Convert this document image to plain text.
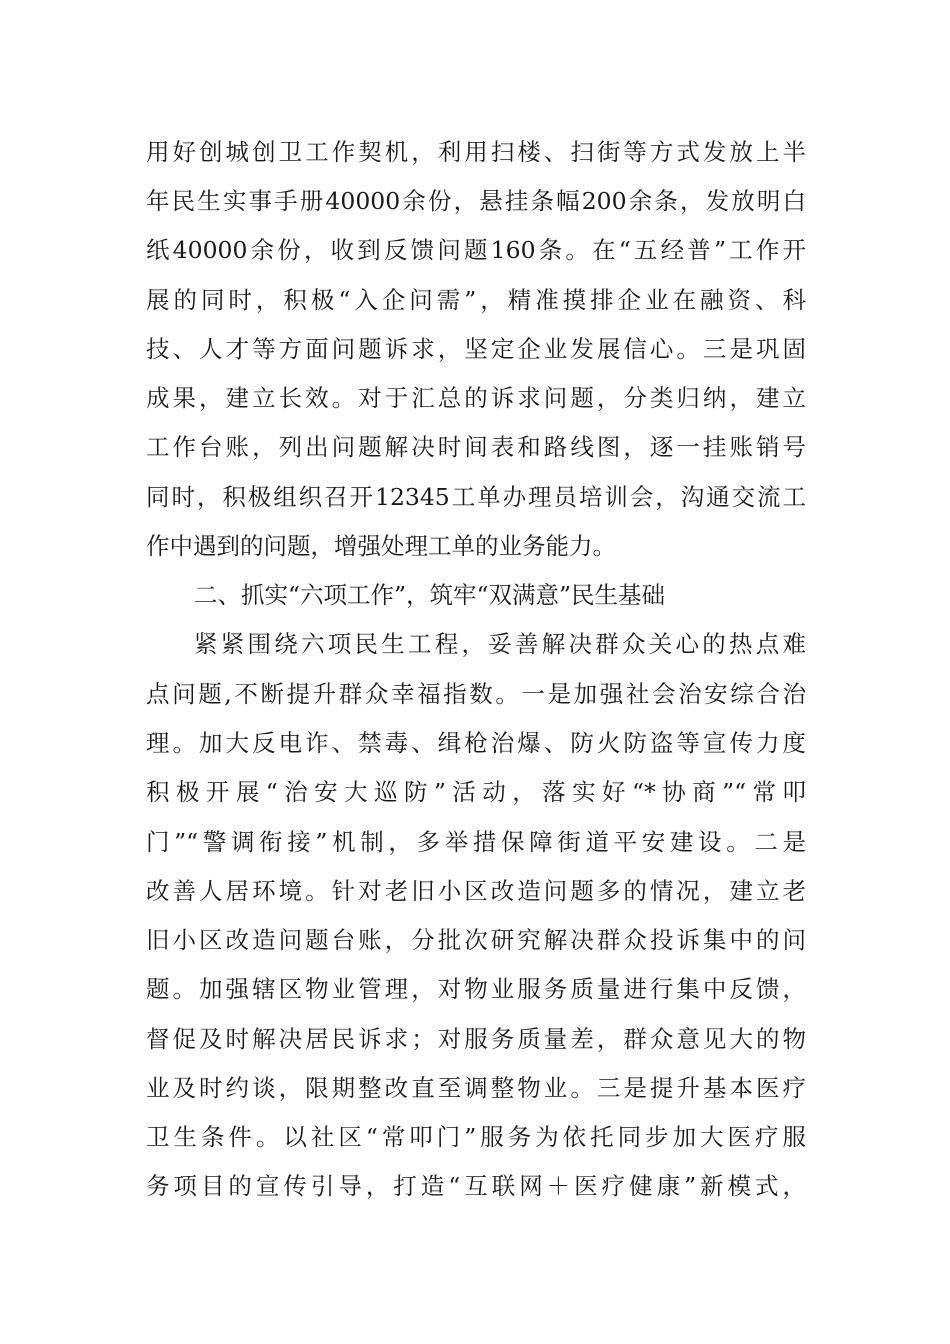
用好创城创卫工作契机，利用扫楼、扫街等方式发放上半
年民生实事手册40000余份，悬挂条幅200余条，发放明白
纸40000余份，收到反馈问题160条。在“五经普”工作开
展的同时，积极“入企问需”，精准摸排企业在融资、科
技、人才等方面问题诉求，坚定企业发展信心。三是巩固
成果，建立长效。对于汇总的诉求问题，分类归纳，建立
工作台账，列出问题解决时间表和路线图，逐一挂账销号
同时，积极组织召开12345工单办理员培训会，沟通交流工
作中遇到的问题，增强处理工单的业务能力。
二、抓实“六项工作”，筑牢“双满意”民生基础
紧紧围绕六项民生工程，妥善解决群众关心的热点难
点问题,不断提升群众幸福指数。一是加强社会治安综合治
理。加大反电诈、禁毒、缉枪治爆、防火防盗等宣传力度
积极开展“治安大巡防”活动，落实好“*协商”“常叩
门”“警调衔接”机制，多举措保障街道平安建设。二是
改善人居环境。针对老旧小区改造问题多的情况，建立老
旧小区改造问题台账，分批次研究解决群众投诉集中的问
题。加强辖区物业管理，对物业服务质量进行集中反馈，
督促及时解决居民诉求；对服务质量差，群众意见大的物
业及时约谈，限期整改直至调整物业。三是提升基本医疗
卫生条件。以社区“常叩门”服务为依托同步加大医疗服
务项目的宣传引导，打造“互联网＋医疗健康”新模式，
